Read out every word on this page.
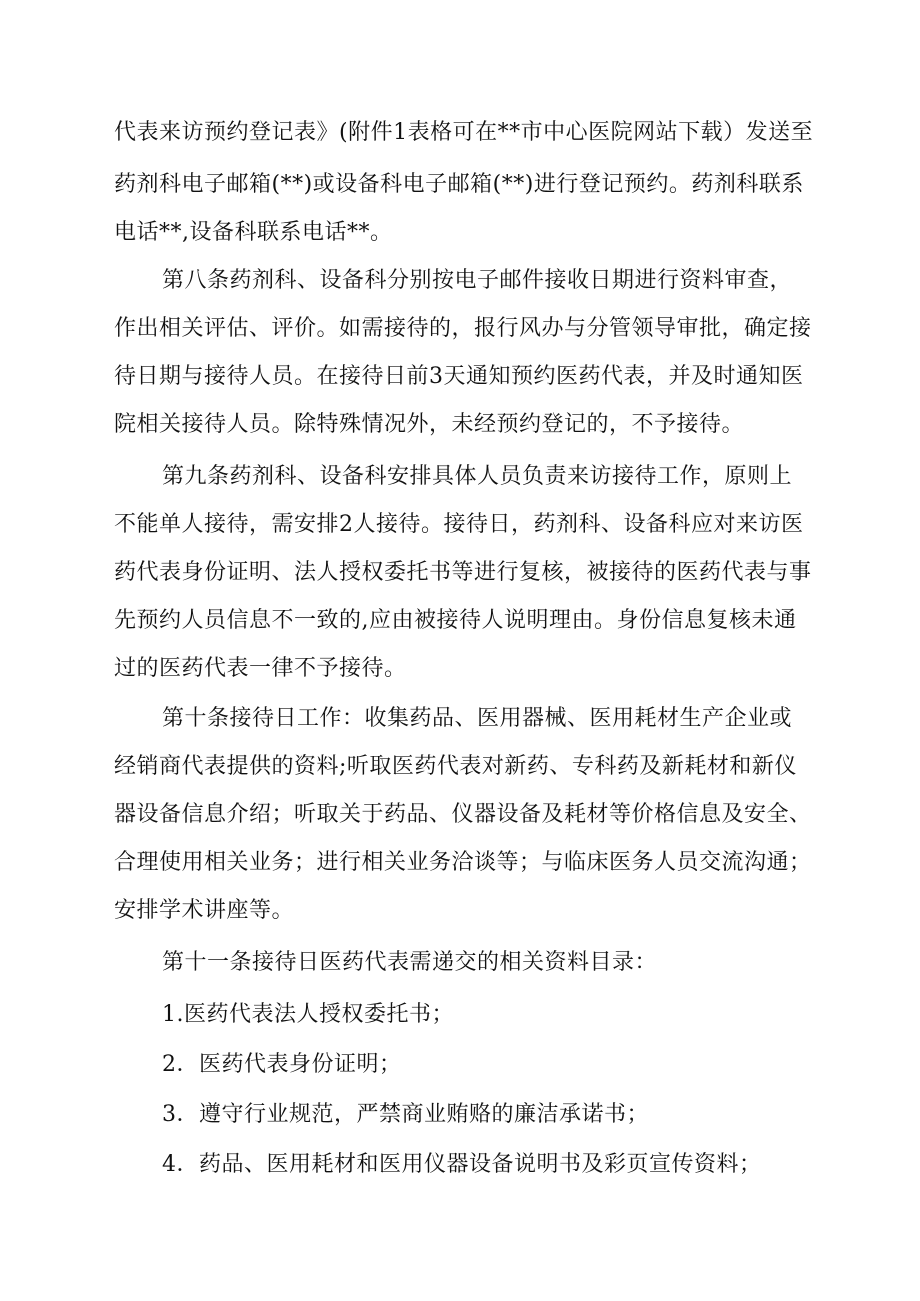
代表来访预约登记表》(附件1表格可在**市中心医院网站下载）发送至
药剂科电子邮箱(**)或设备科电子邮箱(**)进行登记预约。药剂科联系
电话**,设备科联系电话**。
第八条药剂科、设备科分别按电子邮件接收日期进行资料审查，
作出相关评估、评价。如需接待的，报行风办与分管领导审批，确定接
待日期与接待人员。在接待日前3天通知预约医药代表，并及时通知医
院相关接待人员。除特殊情况外，未经预约登记的，不予接待。
第九条药剂科、设备科安排具体人员负责来访接待工作，原则上
不能单人接待，需安排2人接待。接待日，药剂科、设备科应对来访医
药代表身份证明、法人授权委托书等进行复核，被接待的医药代表与事
先预约人员信息不一致的,应由被接待人说明理由。身份信息复核未通
过的医药代表一律不予接待。
第十条接待日工作：收集药品、医用器械、医用耗材生产企业或
经销商代表提供的资料;听取医药代表对新药、专科药及新耗材和新仪
器设备信息介绍；听取关于药品、仪器设备及耗材等价格信息及安全、
合理使用相关业务；进行相关业务洽谈等；与临床医务人员交流沟通；
安排学术讲座等。
第十一条接待日医药代表需递交的相关资料目录：
1.医药代表法人授权委托书；
2．医药代表身份证明；
3．遵守行业规范，严禁商业贿赂的廉洁承诺书；
4．药品、医用耗材和医用仪器设备说明书及彩页宣传资料；
